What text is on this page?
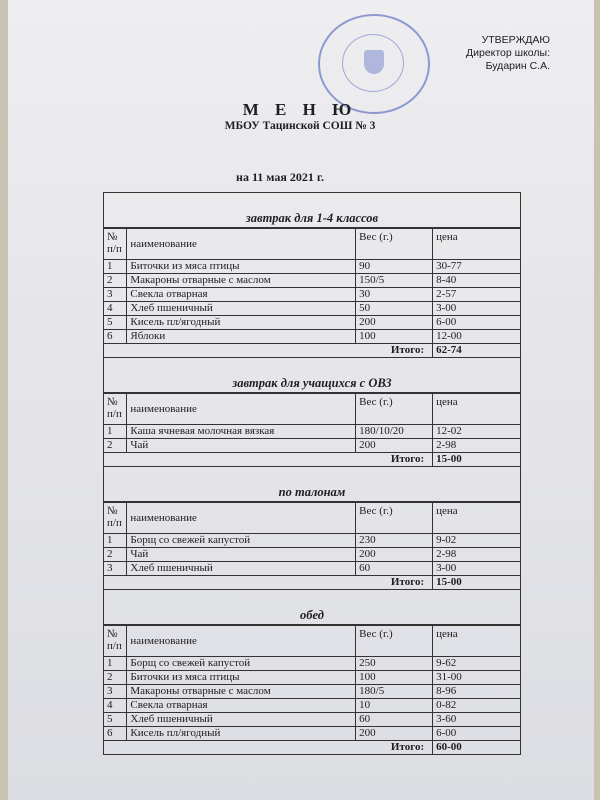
УТВЕРЖДАЮ
Директор школы:
Бударин С.А.
М Е Н Ю
МБОУ Тацинской СОШ № 3
на 11 мая 2021 г.
завтрак для 1-4 классов
№ п/п	наименование	Вес (г.)	цена
1	Биточки из мяса птицы	90	30-77
2	Макароны отварные с маслом	150/5	8-40
3	Свекла отварная	30	2-57
4	Хлеб пшеничный	50	3-00
5	Кисель пл/ягодный	200	6-00
6	Яблоки	100	12-00
Итого:			62-74
завтрак для учащихся с ОВЗ
№ п/п	наименование	Вес (г.)	цена
1	Каша ячневая молочная вязкая	180/10/20	12-02
2	Чай	200	2-98
Итого:			15-00
по талонам
№ п/п	наименование	Вес (г.)	цена
1	Борщ со свежей капустой	230	9-02
2	Чай	200	2-98
3	Хлеб пшеничный	60	3-00
Итого:			15-00
обед
№ п/п	наименование	Вес (г.)	цена
1	Борщ со свежей капустой	250	9-62
2	Биточки из мяса птицы	100	31-00
3	Макароны отварные с маслом	180/5	8-96
4	Свекла отварная	10	0-82
5	Хлеб пшеничный	60	3-60
6	Кисель пл/ягодный	200	6-00
Итого:			60-00
